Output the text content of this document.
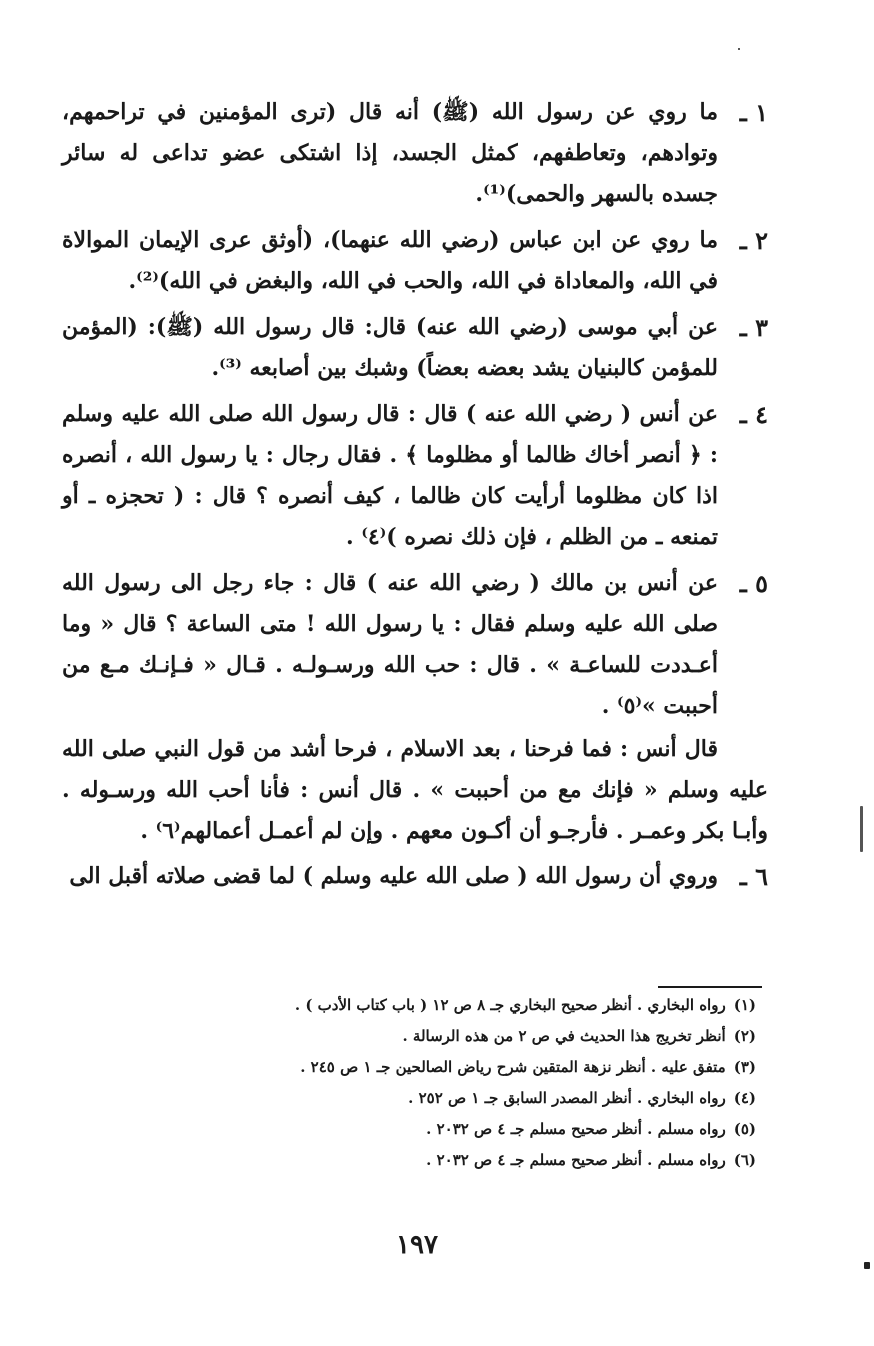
١ ـ
ما روي عن رسول الله (ﷺ) أنه قال (ترى المؤمنين في تراحمهم، وتوادهم، وتعاطفهم، كمثل الجسد، إذا اشتكى عضو تداعى له سائر جسده بالسهر والحمى)⁽¹⁾.
٢ ـ
ما روي عن ابن عباس (رضي الله عنهما)، (أوثق عرى الإيمان الموالاة في الله، والمعاداة في الله، والحب في الله، والبغض في الله)⁽²⁾.
٣ ـ
عن أبي موسى (رضي الله عنه) قال: قال رسول الله (ﷺ): (المؤمن للمؤمن كالبنيان يشد بعضه بعضاً) وشبك بين أصابعه ⁽³⁾.
٤ ـ
عن أنس ( رضي الله عنه ) قال : قال رسول الله صلى الله عليه وسلم : ﴿ أنصر أخاك ظالما أو مظلوما ﴾ . فقال رجال : يا رسول الله ، أنصره اذا كان مظلوما أرأيت كان ظالما ، كيف أنصره ؟ قال : ( تحجزه ـ أو تمنعه ـ من الظلم ، فإن ذلك نصره )⁽٤⁾ .
٥ ـ
عن أنس بن مالك ( رضي الله عنه ) قال : جاء رجل الى رسول الله صلى الله عليه وسلم فقال : يا رسول الله ! متى الساعة ؟ قال « وما أعـددت للساعـة » . قال : حب الله ورسـولـه . قـال « فـإنـك مـع من أحببت »⁽٥⁾ .

قال أنس : فما فرحنا ، بعد الاسلام ، فرحا أشد من قول النبي صلى الله عليه وسلم « فإنك مع من أحببت » . قال أنس : فأنا أحب الله ورسـوله . وأبـا بكر وعمـر . فأرجـو أن أكـون معهم . وإن لم أعمـل أعمالهم⁽٦⁾ .

٦ ـ
وروي أن رسول الله ( صلى الله عليه وسلم ) لما قضى صلاته أقبل الى
(١)رواه البخاري . أنظر صحيح البخاري جـ ٨ ص ١٢ ( باب كتاب الأدب ) .
(٢)أنظر تخريج هذا الحديث في ص ٢ من هذه الرسالة .
(٣)متفق عليه . أنظر نزهة المتقين شرح رياض الصالحين جـ ١ ص ٢٤٥ .
(٤)رواه البخاري . أنظر المصدر السابق جـ ١ ص ٢٥٢ .
(٥)رواه مسلم . أنظر صحيح مسلم جـ ٤ ص ٢٠٣٢ .
(٦)رواه مسلم . أنظر صحيح مسلم جـ ٤ ص ٢٠٣٢ .
١٩٧
